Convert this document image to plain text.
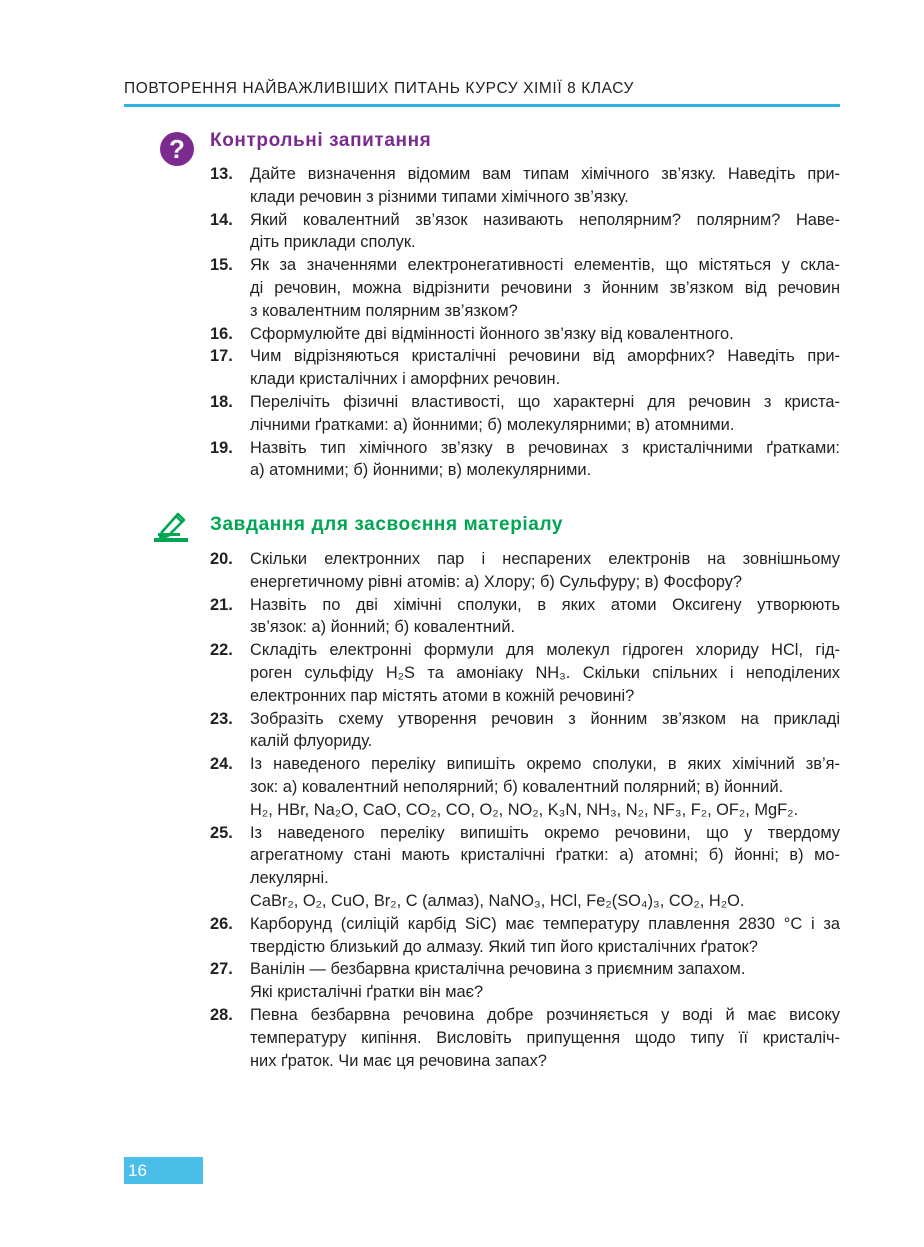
ПОВТОРЕННЯ НАЙВАЖЛИВІШИХ ПИТАНЬ КУРСУ ХІМІЇ 8 КЛАСУ
?	Контрольні запитання
13. Дайте визначення відомим вам типам хімічного зв’язку. Наведіть при-
клади речовин з різними типами хімічного зв’язку.
14. Який ковалентний зв’язок називають неполярним? полярним? Наве-
діть приклади сполук.
15. Як за значеннями електронегативності елементів, що містяться у скла-
ді речовин, можна відрізнити речовини з йонним зв’язком від речовин
з ковалентним полярним зв’язком?
16. Сформулюйте дві відмінності йонного зв’язку від ковалентного.
17. Чим відрізняються кристалічні речовини від аморфних? Наведіть при-
клади кристалічних і аморфних речовин.
18. Перелічіть фізичні властивості, що характерні для речовин з криста-
лічними ґратками: а) йонними; б) молекулярними; в) атомними.
19. Назвіть тип хімічного зв’язку в речовинах з кристалічними ґратками:
а) атомними; б) йонними; в) молекулярними.
Завдання для засвоєння матеріалу
20. Скільки електронних пар і неспарених електронів на зовнішньому
енергетичному рівні атомів: а) Хлору; б) Сульфуру; в) Фосфору?
21. Назвіть по дві хімічні сполуки, в яких атоми Оксигену утворюють
зв’язок: а) йонний; б) ковалентний.
22. Складіть електронні формули для молекул гідроген хлориду HCl, гід-
роген сульфіду H₂S та амоніаку NH₃. Скільки спільних і неподілених
електронних пар містять атоми в кожній речовині?
23. Зобразіть схему утворення речовин з йонним зв’язком на прикладі
калій флуориду.
24. Із наведеного переліку випишіть окремо сполуки, в яких хімічний зв’я-
зок: а) ковалентний неполярний; б) ковалентний полярний; в) йонний.
H₂, HBr, Na₂O, CaO, CO₂, CO, O₂, NO₂, K₃N, NH₃, N₂, NF₃, F₂, OF₂, MgF₂.
25. Із наведеного переліку випишіть окремо речовини, що у твердому
агрегатному стані мають кристалічні ґратки: а) атомні; б) йонні; в) мо-
лекулярні.
CaBr₂, O₂, CuO, Br₂, C (алмаз), NaNO₃, HCl, Fe₂(SO₄)₃, CO₂, H₂O.
26. Карборунд (силіцій карбід SiC) має температуру плавлення 2830 °С і за
твердістю близький до алмазу. Який тип його кристалічних ґраток?
27. Ванілін — безбарвна кристалічна речовина з приємним запахом.
Які кристалічні ґратки він має?
28. Певна безбарвна речовина добре розчиняється у воді й має високу
температуру кипіння. Висловіть припущення щодо типу її кристаліч-
них ґраток. Чи має ця речовина запах?
16
